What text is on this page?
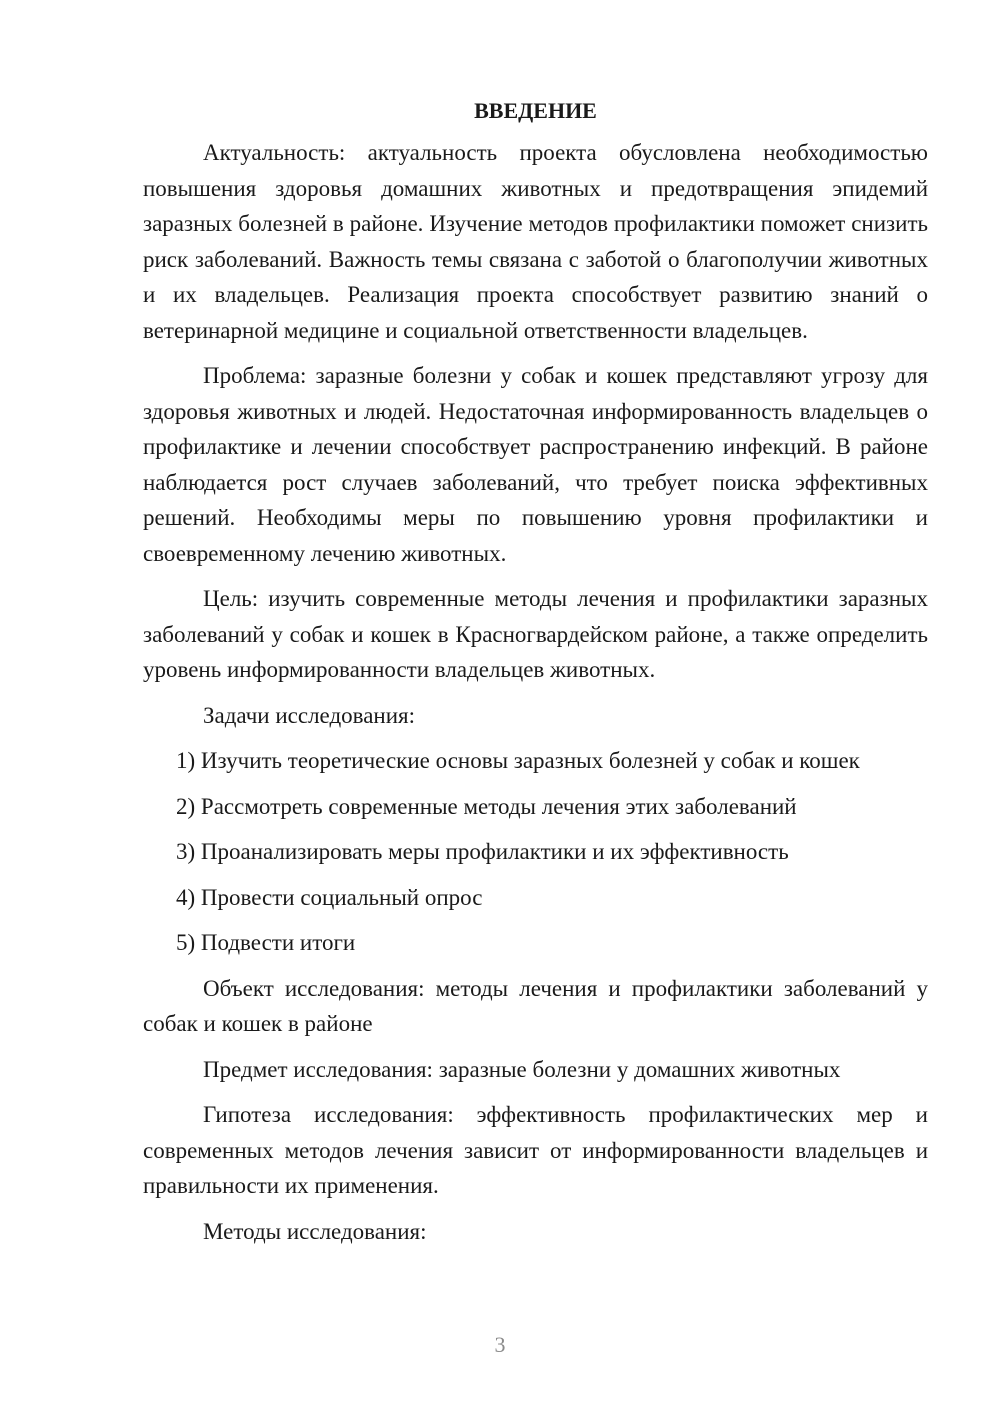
ВВЕДЕНИЕ

Актуальность: актуальность проекта обусловлена необходимостью повышения здоровья домашних животных и предотвращения эпидемий заразных болезней в районе. Изучение методов профилактики поможет снизить риск заболеваний. Важность темы связана с заботой о благополучии животных и их владельцев. Реализация проекта способствует развитию знаний о ветеринарной медицине и социальной ответственности владельцев.

Проблема: заразные болезни у собак и кошек представляют угрозу для здоровья животных и людей. Недостаточная информированность владельцев о профилактике и лечении способствует распространению инфекций. В районе наблюдается рост случаев заболеваний, что требует поиска эффективных решений. Необходимы меры по повышению уровня профилактики и своевременному лечению животных.

Цель: изучить современные методы лечения и профилактики заразных заболеваний у собак и кошек в Красногвардейском районе, а также определить уровень информированности владельцев животных.

Задачи исследования:

1) Изучить теоретические основы заразных болезней у собак и кошек
2) Рассмотреть современные методы лечения этих заболеваний
3) Проанализировать меры профилактики и их эффективность
4) Провести социальный опрос
5) Подвести итоги

Объект исследования: методы лечения и профилактики заболеваний у собак и кошек в районе

Предмет исследования: заразные болезни у домашних животных

Гипотеза исследования: эффективность профилактических мер и современных методов лечения зависит от информированности владельцев и правильности их применения.

Методы исследования:

3
